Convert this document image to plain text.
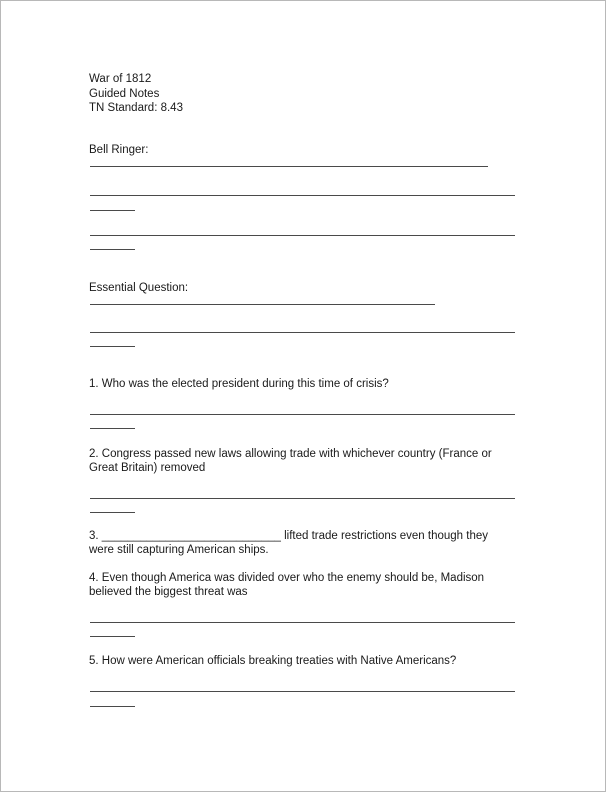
War of 1812
Guided Notes
TN Standard: 8.43
Bell Ringer:
Essential Question:
1. Who was the elected president during this time of crisis?
2. Congress passed new laws allowing trade with whichever country (France or
Great Britain) removed
3. ____________________________ lifted trade restrictions even though they
were still capturing American ships.
4. Even though America was divided over who the enemy should be, Madison
believed the biggest threat was
5. How were American officials breaking treaties with Native Americans?
